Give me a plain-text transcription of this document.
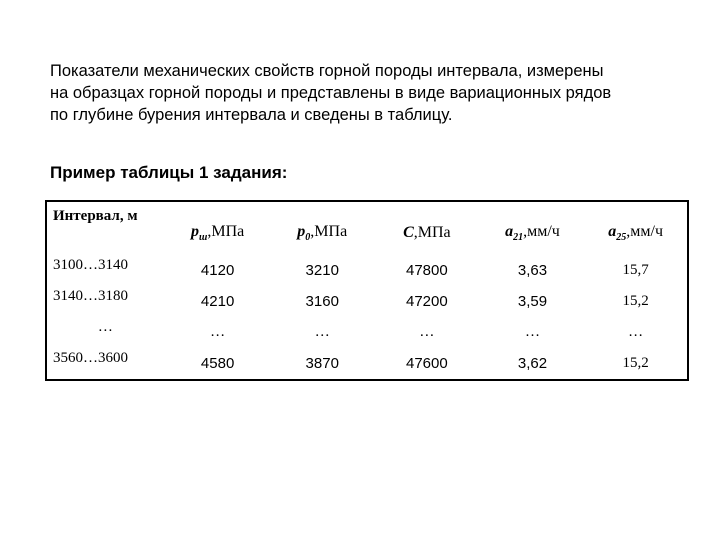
Показатели механических свойств горной породы интервала, измерены
на образцах горной породы и представлены в виде вариационных рядов
по глубине бурения интервала и сведены в таблицу.
Пример таблицы 1 задания:
Интервал, м	$p_ш,МПа$	$p_0,МПа$	C,МПа	$a_{21},мм/ч$	$a_{25},мм/ч$
3100…3140	4120	3210	47800	3,63	15,7
3140…3180	4210	3160	47200	3,59	15,2
…	…	…	…	…	…
3560…3600	4580	3870	47600	3,62	15,2
